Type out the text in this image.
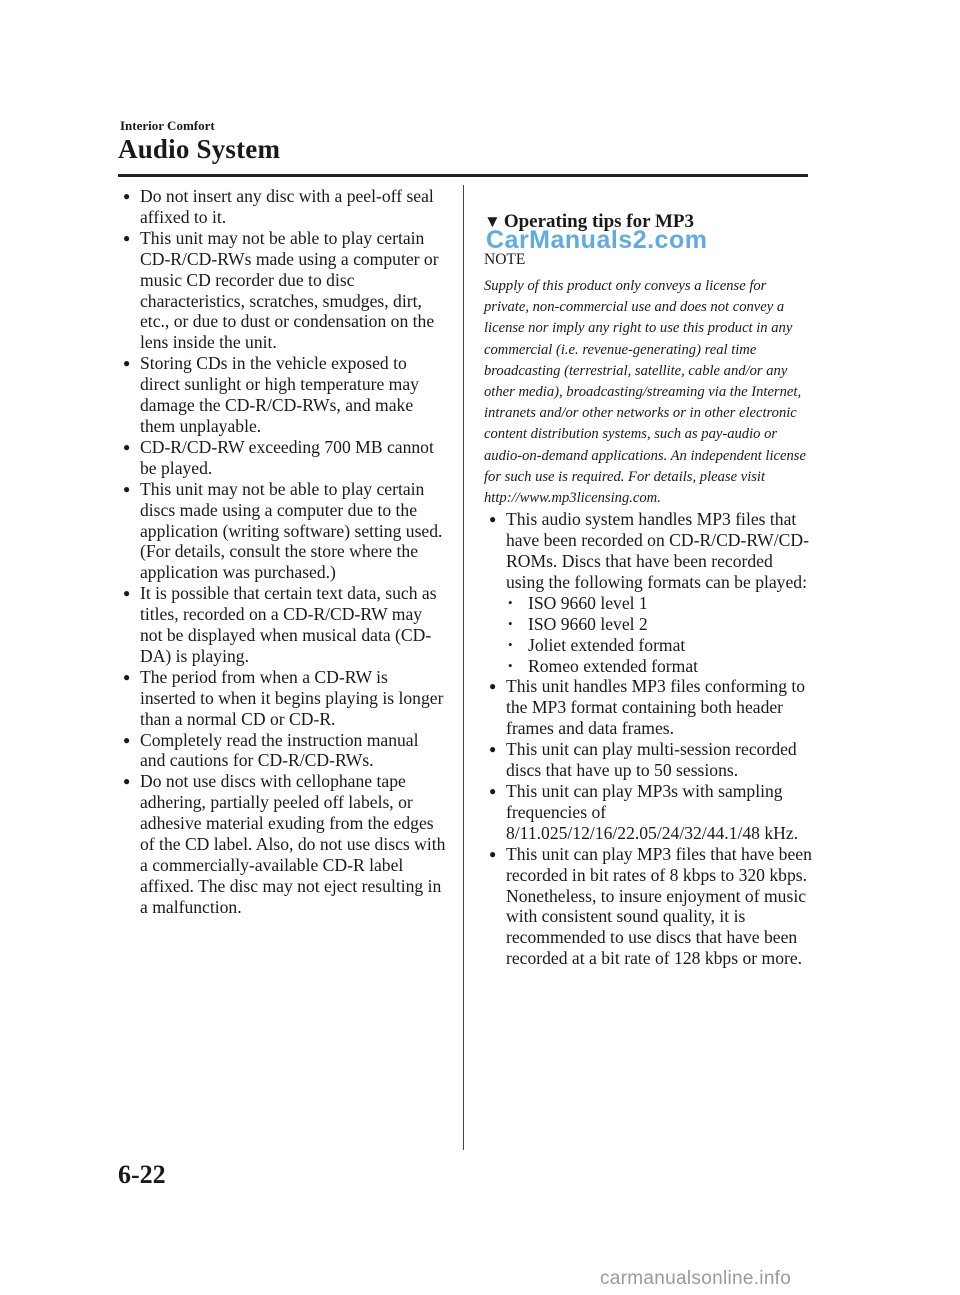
Interior Comfort
Audio System
● Do not insert any disc with a peel-off seal affixed to it.
● This unit may not be able to play certain CD-R/CD-RWs made using a computer or music CD recorder due to disc characteristics, scratches, smudges, dirt, etc., or due to dust or condensation on the lens inside the unit.
● Storing CDs in the vehicle exposed to direct sunlight or high temperature may damage the CD-R/CD-RWs, and make them unplayable.
● CD-R/CD-RW exceeding 700 MB cannot be played.
● This unit may not be able to play certain discs made using a computer due to the application (writing software) setting used. (For details, consult the store where the application was purchased.)
● It is possible that certain text data, such as titles, recorded on a CD-R/CD-RW may not be displayed when musical data (CD-DA) is playing.
● The period from when a CD-RW is inserted to when it begins playing is longer than a normal CD or CD-R.
● Completely read the instruction manual and cautions for CD-R/CD-RWs.
● Do not use discs with cellophane tape adhering, partially peeled off labels, or adhesive material exuding from the edges of the CD label. Also, do not use discs with a commercially-available CD-R label affixed. The disc may not eject resulting in a malfunction.
CarManuals2.com
▼ Operating tips for MP3
NOTE
Supply of this product only conveys a license for private, non-commercial use and does not convey a license nor imply any right to use this product in any commercial (i.e. revenue-generating) real time broadcasting (terrestrial, satellite, cable and/or any other media), broadcasting/streaming via the Internet, intranets and/or other networks or in other electronic content distribution systems, such as pay-audio or audio-on-demand applications. An independent license for such use is required. For details, please visit http://www.mp3licensing.com.
● This audio system handles MP3 files that have been recorded on CD-R/CD-RW/CD-ROMs. Discs that have been recorded using the following formats can be played:
• ISO 9660 level 1
• ISO 9660 level 2
• Joliet extended format
• Romeo extended format
● This unit handles MP3 files conforming to the MP3 format containing both header frames and data frames.
● This unit can play multi-session recorded discs that have up to 50 sessions.
● This unit can play MP3s with sampling frequencies of 8/11.025/12/16/22.05/24/32/44.1/48 kHz.
● This unit can play MP3 files that have been recorded in bit rates of 8 kbps to 320 kbps. Nonetheless, to insure enjoyment of music with consistent sound quality, it is recommended to use discs that have been recorded at a bit rate of 128 kbps or more.
6-22
carmanualsonline.info
